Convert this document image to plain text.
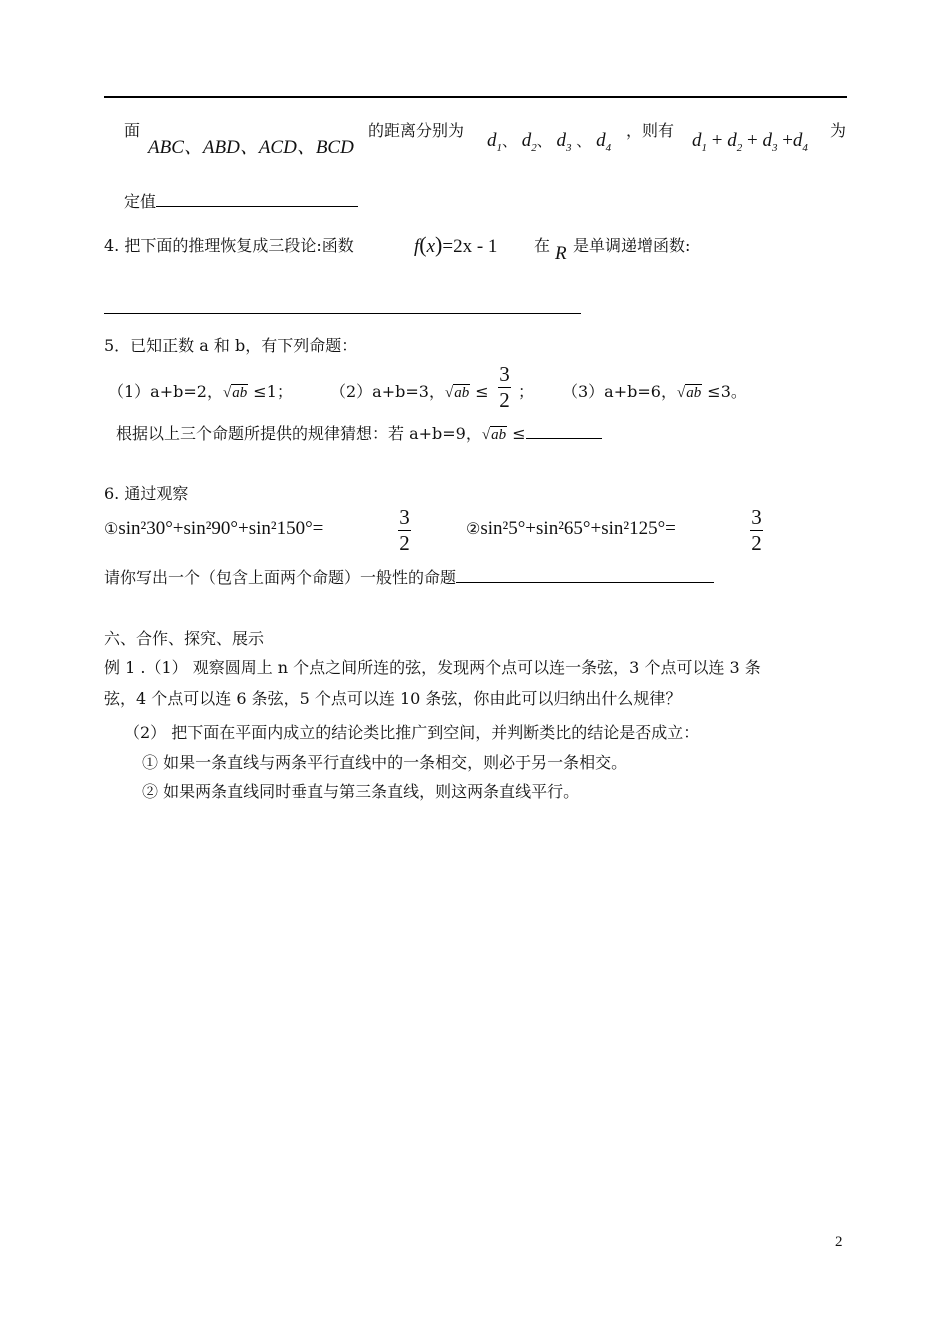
面
ABC、ABD、ACD、BCD
的距离分别为 $d_1$、 $d_2$、 $d_3$ 、 $d_4$
，则有 $d_1 + d_2 + d_3 +d_4$
为
定值
4. 把下面的推理恢复成三段论:函数	f(x)=2x - 1 在 R 是单调递增函数:
5．已知正数 a 和 b，有下列命题：
（1）a+b=2，√ab ≤1； （2）a+b=3，√ab ≤
3
2 ； （3）a+b=6，√ab ≤3。
根据以上三个命题所提供的规律猜想：若 a+b=9，√ab ≤
6. 通过观察
①sin²30°+sin²90°+sin²150°=	3
2
②sin²5°+sin²65°+sin²125°=	3
2
请你写出一个（包含上面两个命题）一般性的命题
六、合作、探究、展示
例 1 .（1） 观察圆周上 n 个点之间所连的弦，发现两个点可以连一条弦，3 个点可以连 3 条
弦，4 个点可以连 6 条弦，5 个点可以连 10 条弦，你由此可以归纳出什么规律？
（2） 把下面在平面内成立的结论类比推广到空间，并判断类比的结论是否成立：
① 如果一条直线与两条平行直线中的一条相交，则必于另一条相交。
② 如果两条直线同时垂直与第三条直线，则这两条直线平行。
2
